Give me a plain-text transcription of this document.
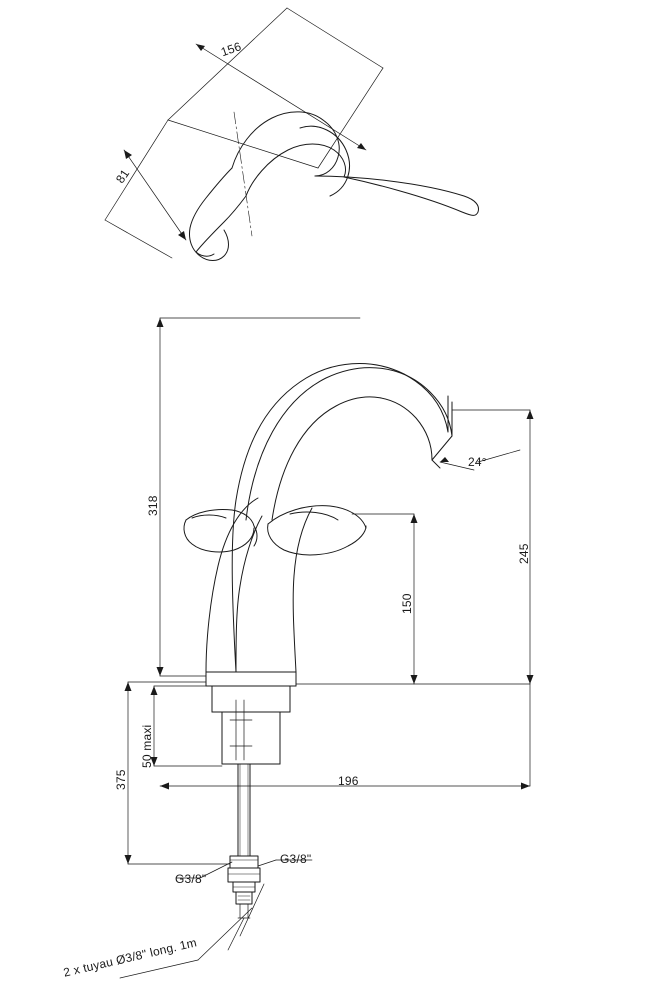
156
81
318
375
50 maxi
150
245
196
24°
G3/8"
G3/8"
2 x tuyau Ø3/8" long. 1m
